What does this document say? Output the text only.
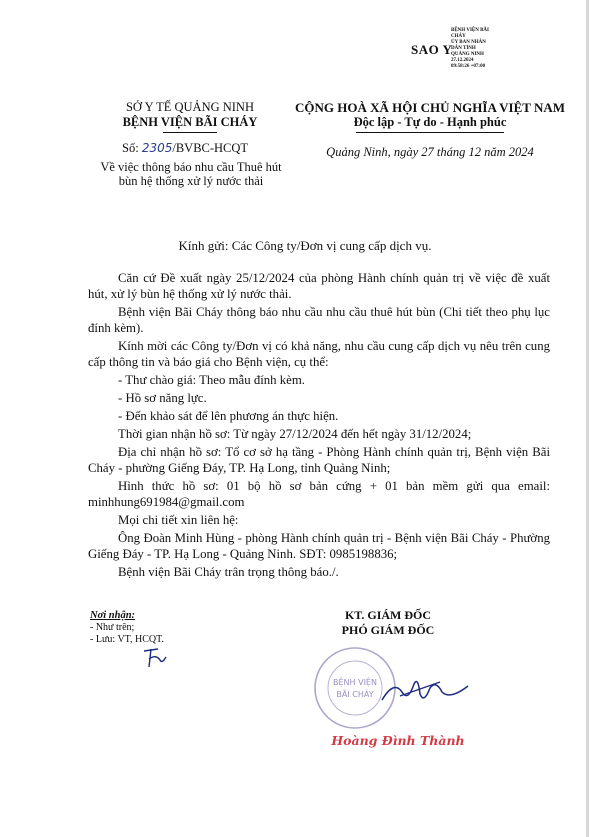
SAO Y
BỆNH VIỆN BÃI
CHÁY
ỦY BAN NHÂN
DÂN TỈNH
QUẢNG NINH
27.12.2024
09:58:26 +07:00
SỞ Y TẾ QUẢNG NINH
BỆNH VIỆN BÃI CHÁY
Số: 2305/BVBC-HCQT
Về việc thông báo nhu cầu Thuê hút bùn hệ thống xử lý nước thải
CỘNG HOÀ XÃ HỘI CHỦ NGHĨA VIỆT NAM
Độc lập - Tự do - Hạnh phúc
Quảng Ninh, ngày 27 tháng 12 năm 2024
Kính gửi: Các Công ty/Đơn vị cung cấp dịch vụ.

Căn cứ Đề xuất ngày 25/12/2024 của phòng Hành chính quản trị về việc đề xuất hút, xử lý bùn hệ thống xử lý nước thải.

Bệnh viện Bãi Cháy thông báo nhu cầu nhu cầu thuê hút bùn (Chi tiết theo phụ lục đính kèm).

Kính mời các Công ty/Đơn vị có khả năng, nhu cầu cung cấp dịch vụ nêu trên cung cấp thông tin và báo giá cho Bệnh viện, cụ thể:

- Thư chào giá: Theo mẫu đính kèm.

- Hồ sơ năng lực.

- Đến khảo sát để lên phương án thực hiện.

Thời gian nhận hồ sơ: Từ ngày 27/12/2024 đến hết ngày 31/12/2024;

Địa chỉ nhận hồ sơ: Tổ cơ sở hạ tầng - Phòng Hành chính quản trị, Bệnh viện Bãi Cháy - phường Giếng Đáy, TP. Hạ Long, tỉnh Quảng Ninh;

Hình thức hồ sơ: 01 bộ hồ sơ bản cứng + 01 bản mềm gửi qua email: minhhung691984@gmail.com

Mọi chi tiết xin liên hệ:

Ông Đoàn Minh Hùng - phòng Hành chính quản trị - Bệnh viện Bãi Cháy - Phường Giếng Đáy - TP. Hạ Long - Quảng Ninh. SĐT: 0985198836;

Bệnh viện Bãi Cháy trân trọng thông báo./.

Nơi nhận:
- Như trên;
- Lưu: VT, HCQT.
KT. GIÁM ĐỐC
PHÓ GIÁM ĐỐC
BỆNH VIỆN
BÃI CHÁY
Hoàng Đình Thành
